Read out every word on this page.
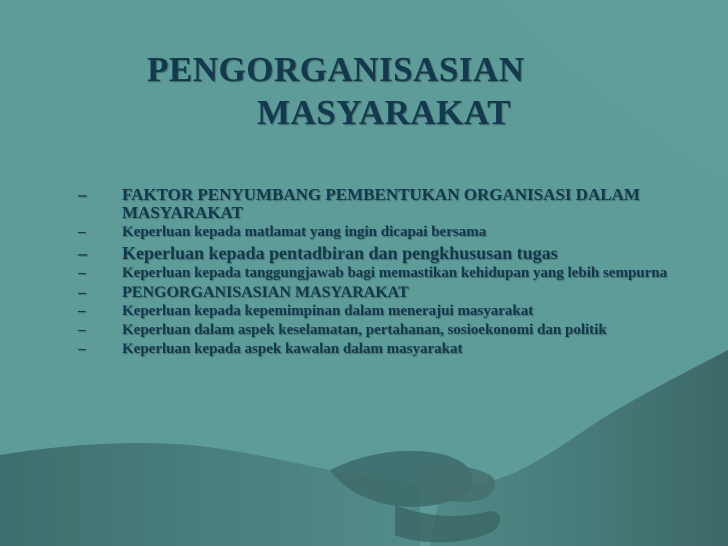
PENGORGANISASIAN
MASYARAKAT
– FAKTOR PENYUMBANG PEMBENTUKAN ORGANISASI DALAM MASYARAKAT
– Keperluan kepada matlamat yang ingin dicapai bersama
– Keperluan kepada pentadbiran dan pengkhususan tugas
– Keperluan kepada tanggungjawab bagi memastikan kehidupan yang lebih sempurna
– PENGORGANISASIAN MASYARAKAT
– Keperluan kepada kepemimpinan dalam menerajui masyarakat
– Keperluan dalam aspek keselamatan, pertahanan, sosioekonomi dan politik
– Keperluan kepada aspek kawalan dalam masyarakat
